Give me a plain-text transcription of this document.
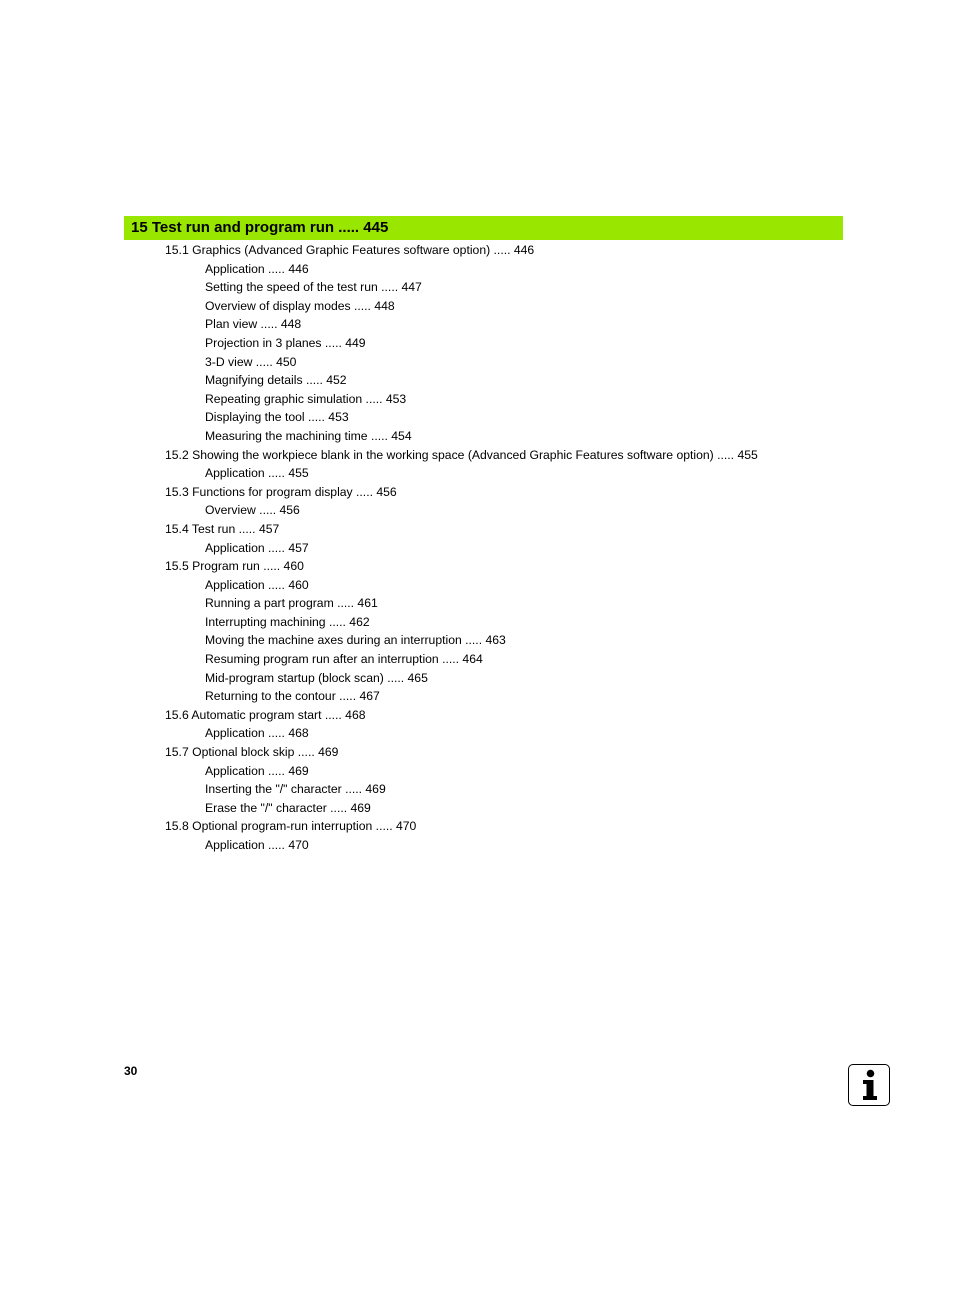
15 Test run and program run ..... 445
15.1 Graphics (Advanced Graphic Features software option) ..... 446
Application ..... 446
Setting the speed of the test run ..... 447
Overview of display modes ..... 448
Plan view ..... 448
Projection in 3 planes ..... 449
3-D view ..... 450
Magnifying details ..... 452
Repeating graphic simulation ..... 453
Displaying the tool ..... 453
Measuring the machining time ..... 454
15.2 Showing the workpiece blank in the working space (Advanced Graphic Features software option) ..... 455
Application ..... 455
15.3 Functions for program display ..... 456
Overview ..... 456
15.4 Test run ..... 457
Application ..... 457
15.5 Program run ..... 460
Application ..... 460
Running a part program ..... 461
Interrupting machining ..... 462
Moving the machine axes during an interruption ..... 463
Resuming program run after an interruption ..... 464
Mid-program startup (block scan) ..... 465
Returning to the contour ..... 467
15.6 Automatic program start ..... 468
Application ..... 468
15.7 Optional block skip ..... 469
Application ..... 469
Inserting the "/" character ..... 469
Erase the "/" character ..... 469
15.8 Optional program-run interruption ..... 470
Application ..... 470
30
